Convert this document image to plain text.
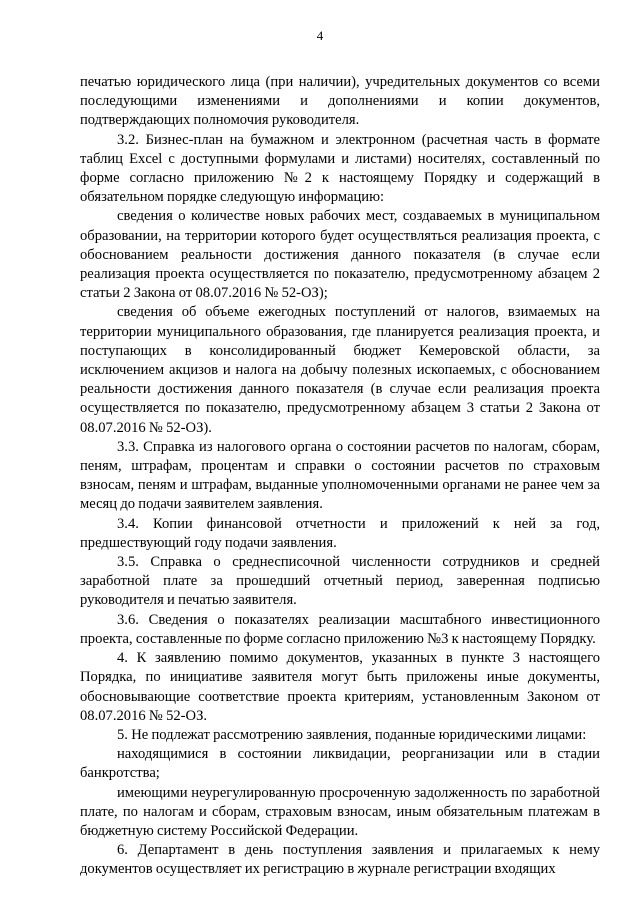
4

печатью юридического лица (при наличии), учредительных документов со всеми последующими изменениями и дополнениями и копии документов, подтверждающих полномочия руководителя.

3.2. Бизнес-план на бумажном и электронном (расчетная часть в формате таблиц Excel с доступными формулами и листами) носителях, составленный по форме согласно приложению №2 к настоящему Порядку и содержащий в обязательном порядке следующую информацию:

сведения о количестве новых рабочих мест, создаваемых в муниципальном образовании, на территории которого будет осуществляться реализация проекта, с обоснованием реальности достижения данного показателя (в случае если реализация проекта осуществляется по показателю, предусмотренному абзацем 2 статьи 2 Закона от 08.07.2016 № 52-ОЗ);

сведения об объеме ежегодных поступлений от налогов, взимаемых на территории муниципального образования, где планируется реализация проекта, и поступающих в консолидированный бюджет Кемеровской области, за исключением акцизов и налога на добычу полезных ископаемых, с обоснованием реальности достижения данного показателя (в случае если реализация проекта осуществляется по показателю, предусмотренному абзацем 3 статьи 2 Закона от 08.07.2016 № 52-ОЗ).

3.3. Справка из налогового органа о состоянии расчетов по налогам, сборам, пеням, штрафам, процентам и справки о состоянии расчетов по страховым взносам, пеням и штрафам, выданные уполномоченными органами не ранее чем за месяц до подачи заявителем заявления.

3.4. Копии финансовой отчетности и приложений к ней за год, предшествующий году подачи заявления.

3.5. Справка о среднесписочной численности сотрудников и средней заработной плате за прошедший отчетный период, заверенная подписью руководителя и печатью заявителя.

3.6. Сведения о показателях реализации масштабного инвестиционного проекта, составленные по форме согласно приложению №3 к настоящему Порядку.

4. К заявлению помимо документов, указанных в пункте 3 настоящего Порядка, по инициативе заявителя могут быть приложены иные документы, обосновывающие соответствие проекта критериям, установленным Законом от 08.07.2016 № 52-ОЗ.

5. Не подлежат рассмотрению заявления, поданные юридическими лицами:

находящимися в состоянии ликвидации, реорганизации или в стадии банкротства;

имеющими неурегулированную просроченную задолженность по заработной плате, по налогам и сборам, страховым взносам, иным обязательным платежам в бюджетную систему Российской Федерации.

6. Департамент в день поступления заявления и прилагаемых к нему документов осуществляет их регистрацию в журнале регистрации входящих
